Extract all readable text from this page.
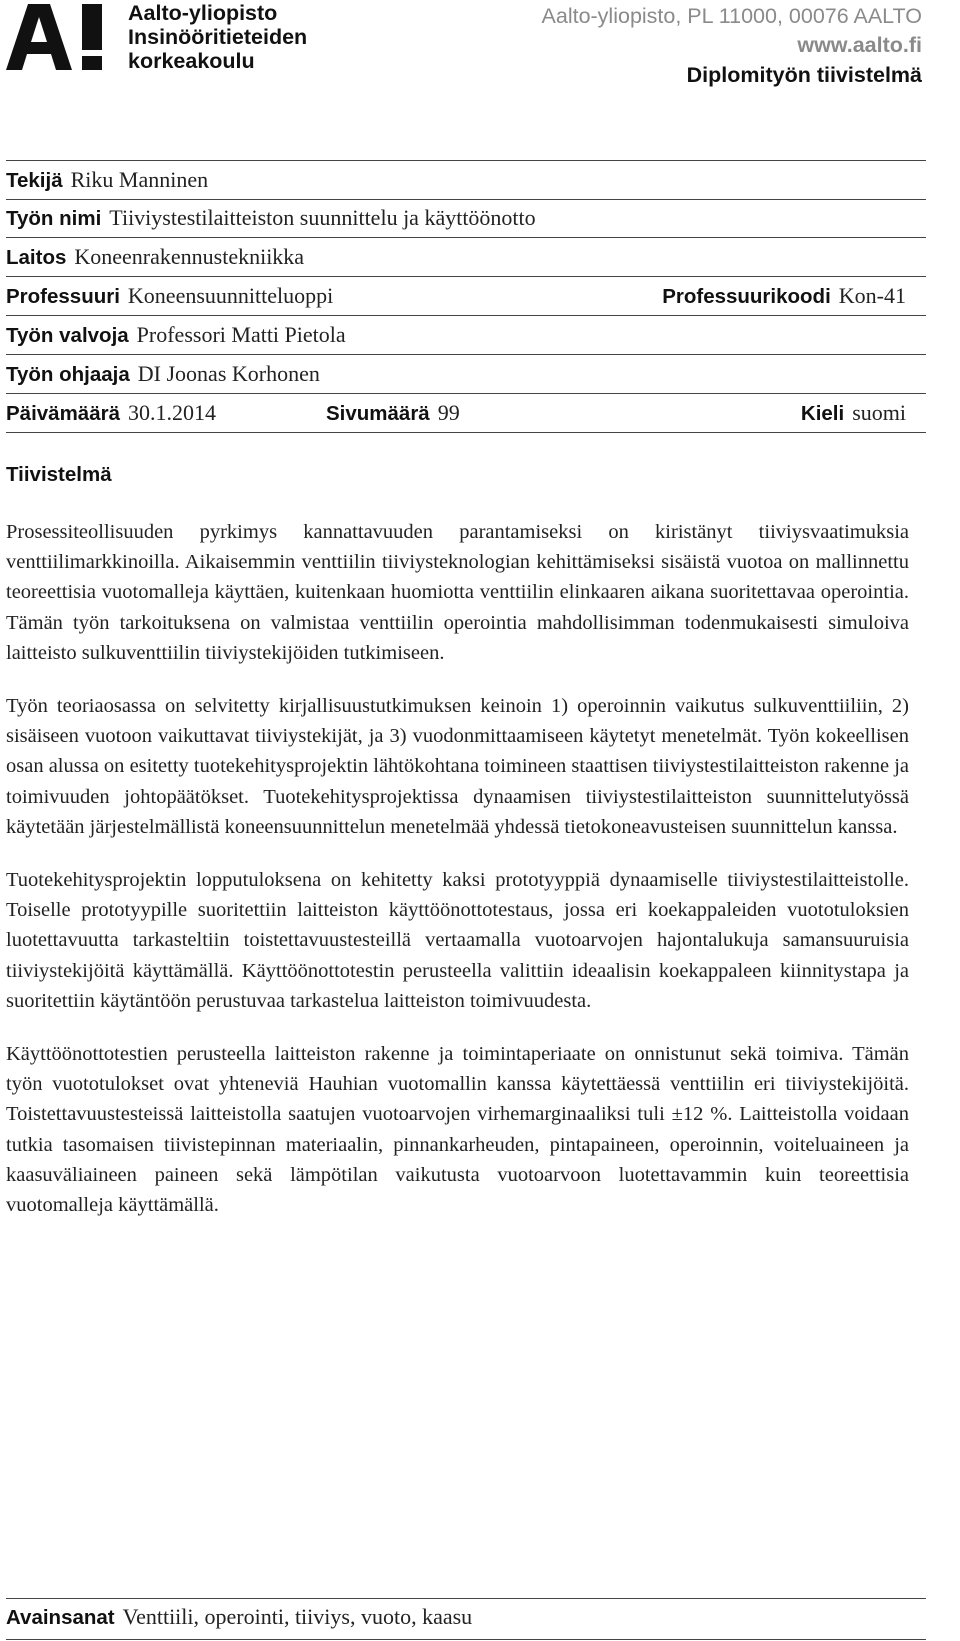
Aalto-yliopisto
Insinööritieteiden
korkeakoulu
Aalto-yliopisto, PL 11000, 00076 AALTO
www.aalto.fi
Diplomityön tiivistelmä
Tekijä Riku Manninen
Työn nimi Tiiviystestilaitteiston suunnittelu ja käyttöönotto
Laitos Koneenrakennustekniikka
Professuuri Koneensuunnitteluoppi	Professuurikoodi Kon-41
Työn valvoja Professori Matti Pietola
Työn ohjaaja DI Joonas Korhonen
Päivämäärä 30.1.2014	Sivumäärä 99	Kieli suomi
Tiivistelmä

Prosessiteollisuuden pyrkimys kannattavuuden parantamiseksi on kiristänyt tiiviysvaatimuksia venttiilimarkkinoilla. Aikaisemmin venttiilin tiiviysteknologian kehittämiseksi sisäistä vuotoa on mallinnettu teoreettisia vuotomalleja käyttäen, kuitenkaan huomiotta venttiilin elinkaaren aikana suoritettavaa operointia. Tämän työn tarkoituksena on valmistaa venttiilin operointia mahdollisimman todenmukaisesti simuloiva laitteisto sulkuventtiilin tiiviystekijöiden tutkimiseen.

Työn teoriaosassa on selvitetty kirjallisuustutkimuksen keinoin 1) operoinnin vaikutus sulkuventtiiliin, 2) sisäiseen vuotoon vaikuttavat tiiviystekijät, ja 3) vuodonmittaamiseen käytetyt menetelmät. Työn kokeellisen osan alussa on esitetty tuotekehitysprojektin lähtökohtana toimineen staattisen tiiviystestilaitteiston rakenne ja toimivuuden johtopäätökset. Tuotekehitysprojektissa dynaamisen tiiviystestilaitteiston suunnittelutyössä käytetään järjestelmällistä koneensuunnittelun menetelmää yhdessä tietokoneavusteisen suunnittelun kanssa.

Tuotekehitysprojektin lopputuloksena on kehitetty kaksi prototyyppiä dynaamiselle tiiviystestilaitteistolle. Toiselle prototyypille suoritettiin laitteiston käyttöönottotestaus, jossa eri koekappaleiden vuototuloksien luotettavuutta tarkasteltiin toistettavuustesteillä vertaamalla vuotoarvojen hajontalukuja samansuuruisia tiiviystekijöitä käyttämällä. Käyttöönottotestin perusteella valittiin ideaalisin koekappaleen kiinnitystapa ja suoritettiin käytäntöön perustuvaa tarkastelua laitteiston toimivuudesta.

Käyttöönottotestien perusteella laitteiston rakenne ja toimintaperiaate on onnistunut sekä toimiva. Tämän työn vuototulokset ovat yhteneviä Hauhian vuotomallin kanssa käytettäessä venttiilin eri tiiviystekijöitä. Toistettavuustesteissä laitteistolla saatujen vuotoarvojen virhemarginaaliksi tuli ±12 %. Laitteistolla voidaan tutkia tasomaisen tiivistepinnan materiaalin, pinnankarheuden, pintapaineen, operoinnin, voiteluaineen ja kaasuväliaineen paineen sekä lämpötilan vaikutusta vuotoarvoon luotettavammin kuin teoreettisia vuotomalleja käyttämällä.

Avainsanat Venttiili, operointi, tiiviys, vuoto, kaasu
